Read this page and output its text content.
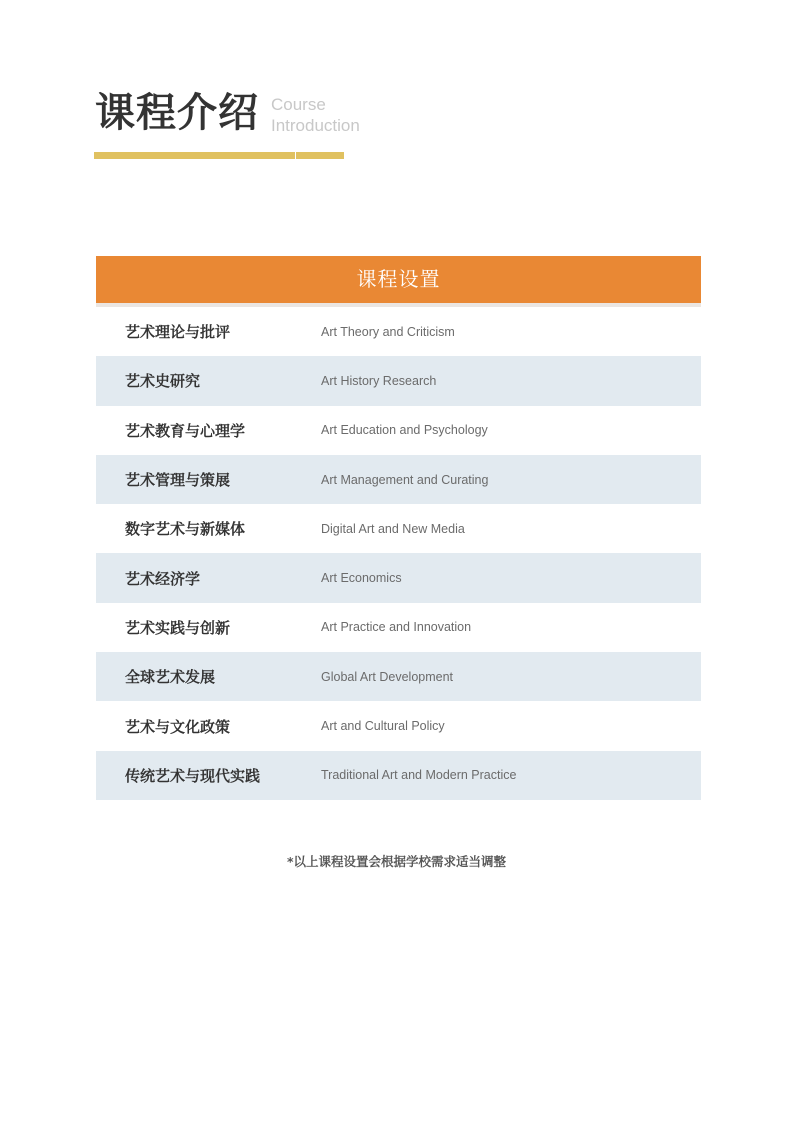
课程介绍 Course
Introduction
课程设置
艺术理论与批评	Art Theory and Criticism
艺术史研究	Art History Research
艺术教育与心理学	Art Education and Psychology
艺术管理与策展	Art Management and Curating
数字艺术与新媒体	Digital Art and New Media
艺术经济学	Art Economics
艺术实践与创新	Art Practice and Innovation
全球艺术发展	Global Art Development
艺术与文化政策	Art and Cultural Policy
传统艺术与现代实践	Traditional Art and Modern Practice
*以上课程设置会根据学校需求适当调整
